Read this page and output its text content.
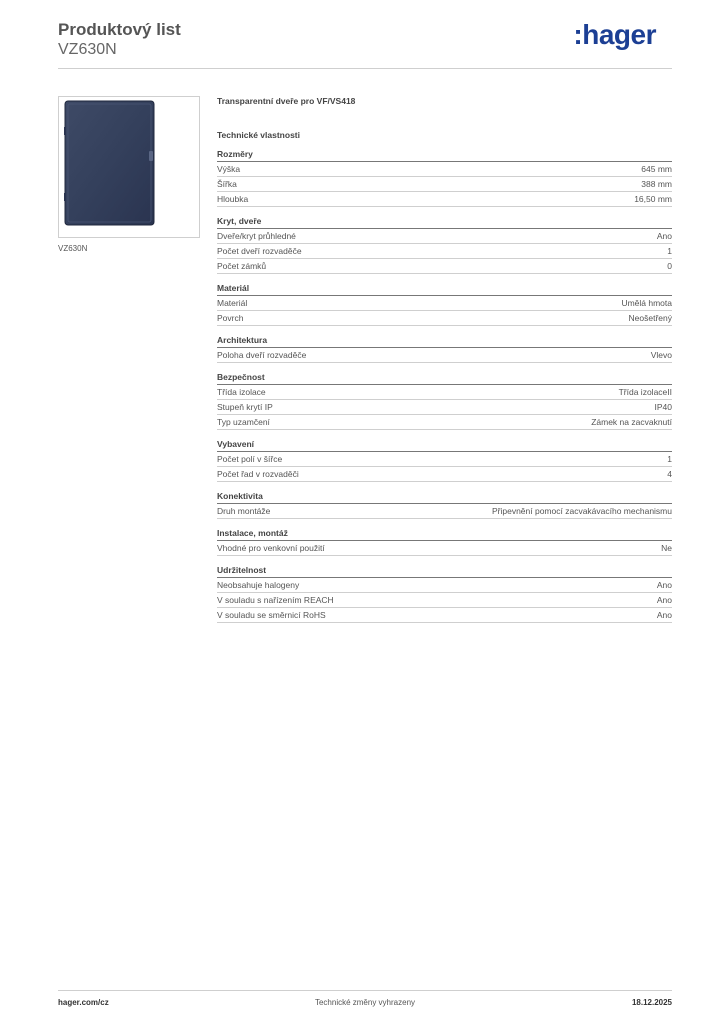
Produktový list
VZ630N	:hager
VZ630N
Transparentní dveře pro VF/VS418
Technické vlastnosti
Rozměry
Výška	645 mm
Šířka	388 mm
Hloubka	16,50 mm
Kryt, dveře
Dveře/kryt průhledné	Ano
Počet dveří rozvaděče	1
Počet zámků	0
Materiál
Materiál	Umělá hmota
Povrch	Neošetřený
Architektura
Poloha dveří rozvaděče	Vlevo
Bezpečnost
Třída izolace	Třída izolaceII
Stupeň krytí IP	IP40
Typ uzamčení	Zámek na zacvaknutí
Vybavení
Počet polí v šířce	1
Počet řad v rozvaděči	4
Konektivita
Druh montáže	Připevnění pomocí zacvakávacího mechanismu
Instalace, montáž
Vhodné pro venkovní použití	Ne
Udržitelnost
Neobsahuje halogeny	Ano
V souladu s nařízením REACH	Ano
V souladu se směrnicí RoHS	Ano
hager.com/cz	Technické změny vyhrazeny	18.12.2025
